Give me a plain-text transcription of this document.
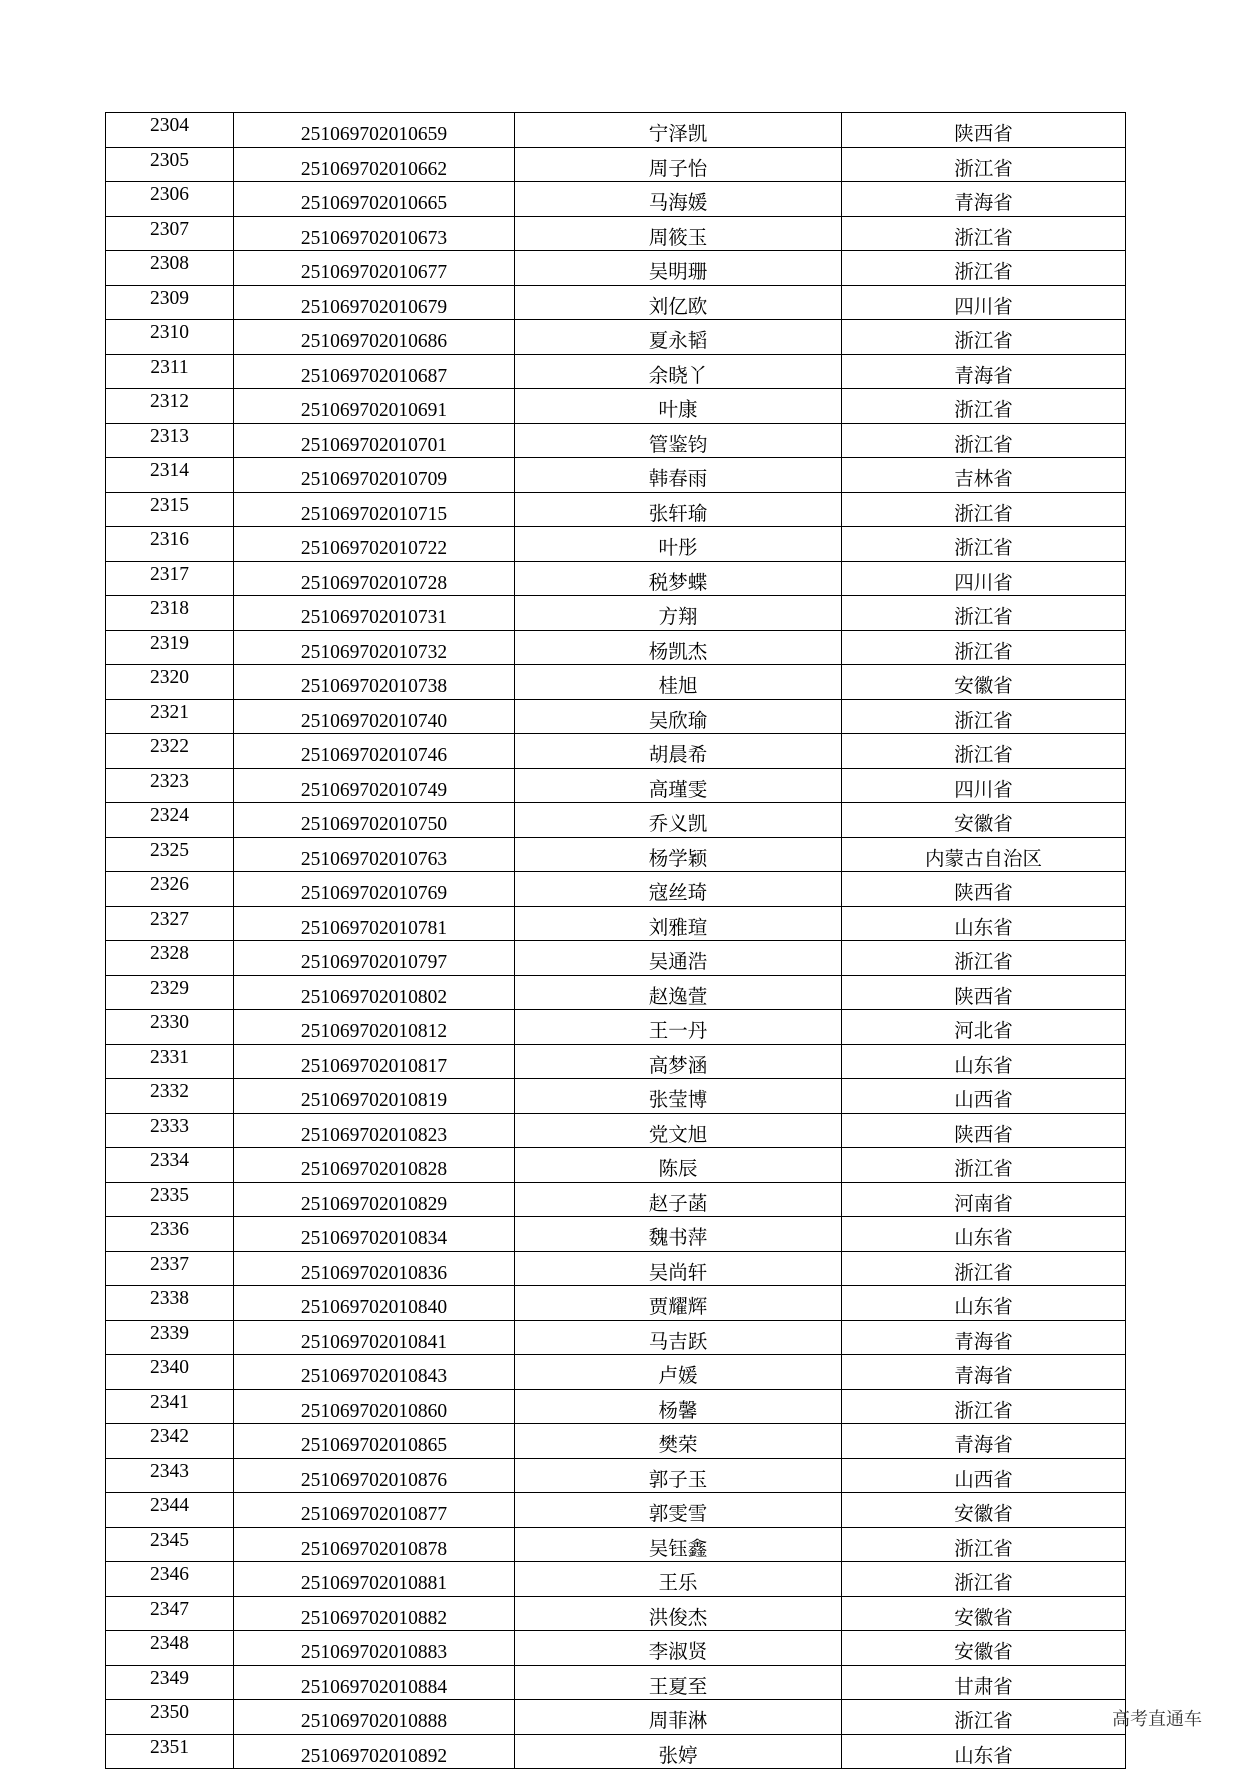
2304	251069702010659	宁泽凯	陕西省
2305	251069702010662	周子怡	浙江省
2306	251069702010665	马海媛	青海省
2307	251069702010673	周筱玉	浙江省
2308	251069702010677	吴明珊	浙江省
2309	251069702010679	刘亿欧	四川省
2310	251069702010686	夏永韬	浙江省
2311	251069702010687	余晓丫	青海省
2312	251069702010691	叶康	浙江省
2313	251069702010701	管鉴钧	浙江省
2314	251069702010709	韩春雨	吉林省
2315	251069702010715	张轩瑜	浙江省
2316	251069702010722	叶彤	浙江省
2317	251069702010728	税梦蝶	四川省
2318	251069702010731	方翔	浙江省
2319	251069702010732	杨凯杰	浙江省
2320	251069702010738	桂旭	安徽省
2321	251069702010740	吴欣瑜	浙江省
2322	251069702010746	胡晨希	浙江省
2323	251069702010749	高瑾雯	四川省
2324	251069702010750	乔义凯	安徽省
2325	251069702010763	杨学颖	内蒙古自治区
2326	251069702010769	寇丝琦	陕西省
2327	251069702010781	刘雅瑄	山东省
2328	251069702010797	吴通浩	浙江省
2329	251069702010802	赵逸萱	陕西省
2330	251069702010812	王一丹	河北省
2331	251069702010817	高梦涵	山东省
2332	251069702010819	张莹博	山西省
2333	251069702010823	党文旭	陕西省
2334	251069702010828	陈辰	浙江省
2335	251069702010829	赵子菡	河南省
2336	251069702010834	魏书萍	山东省
2337	251069702010836	吴尚轩	浙江省
2338	251069702010840	贾耀辉	山东省
2339	251069702010841	马吉跃	青海省
2340	251069702010843	卢媛	青海省
2341	251069702010860	杨馨	浙江省
2342	251069702010865	樊荣	青海省
2343	251069702010876	郭子玉	山西省
2344	251069702010877	郭雯雪	安徽省
2345	251069702010878	吴钰鑫	浙江省
2346	251069702010881	王乐	浙江省
2347	251069702010882	洪俊杰	安徽省
2348	251069702010883	李淑贤	安徽省
2349	251069702010884	王夏至	甘肃省
2350	251069702010888	周菲淋	浙江省
2351	251069702010892	张婷	山东省
高考直通车
